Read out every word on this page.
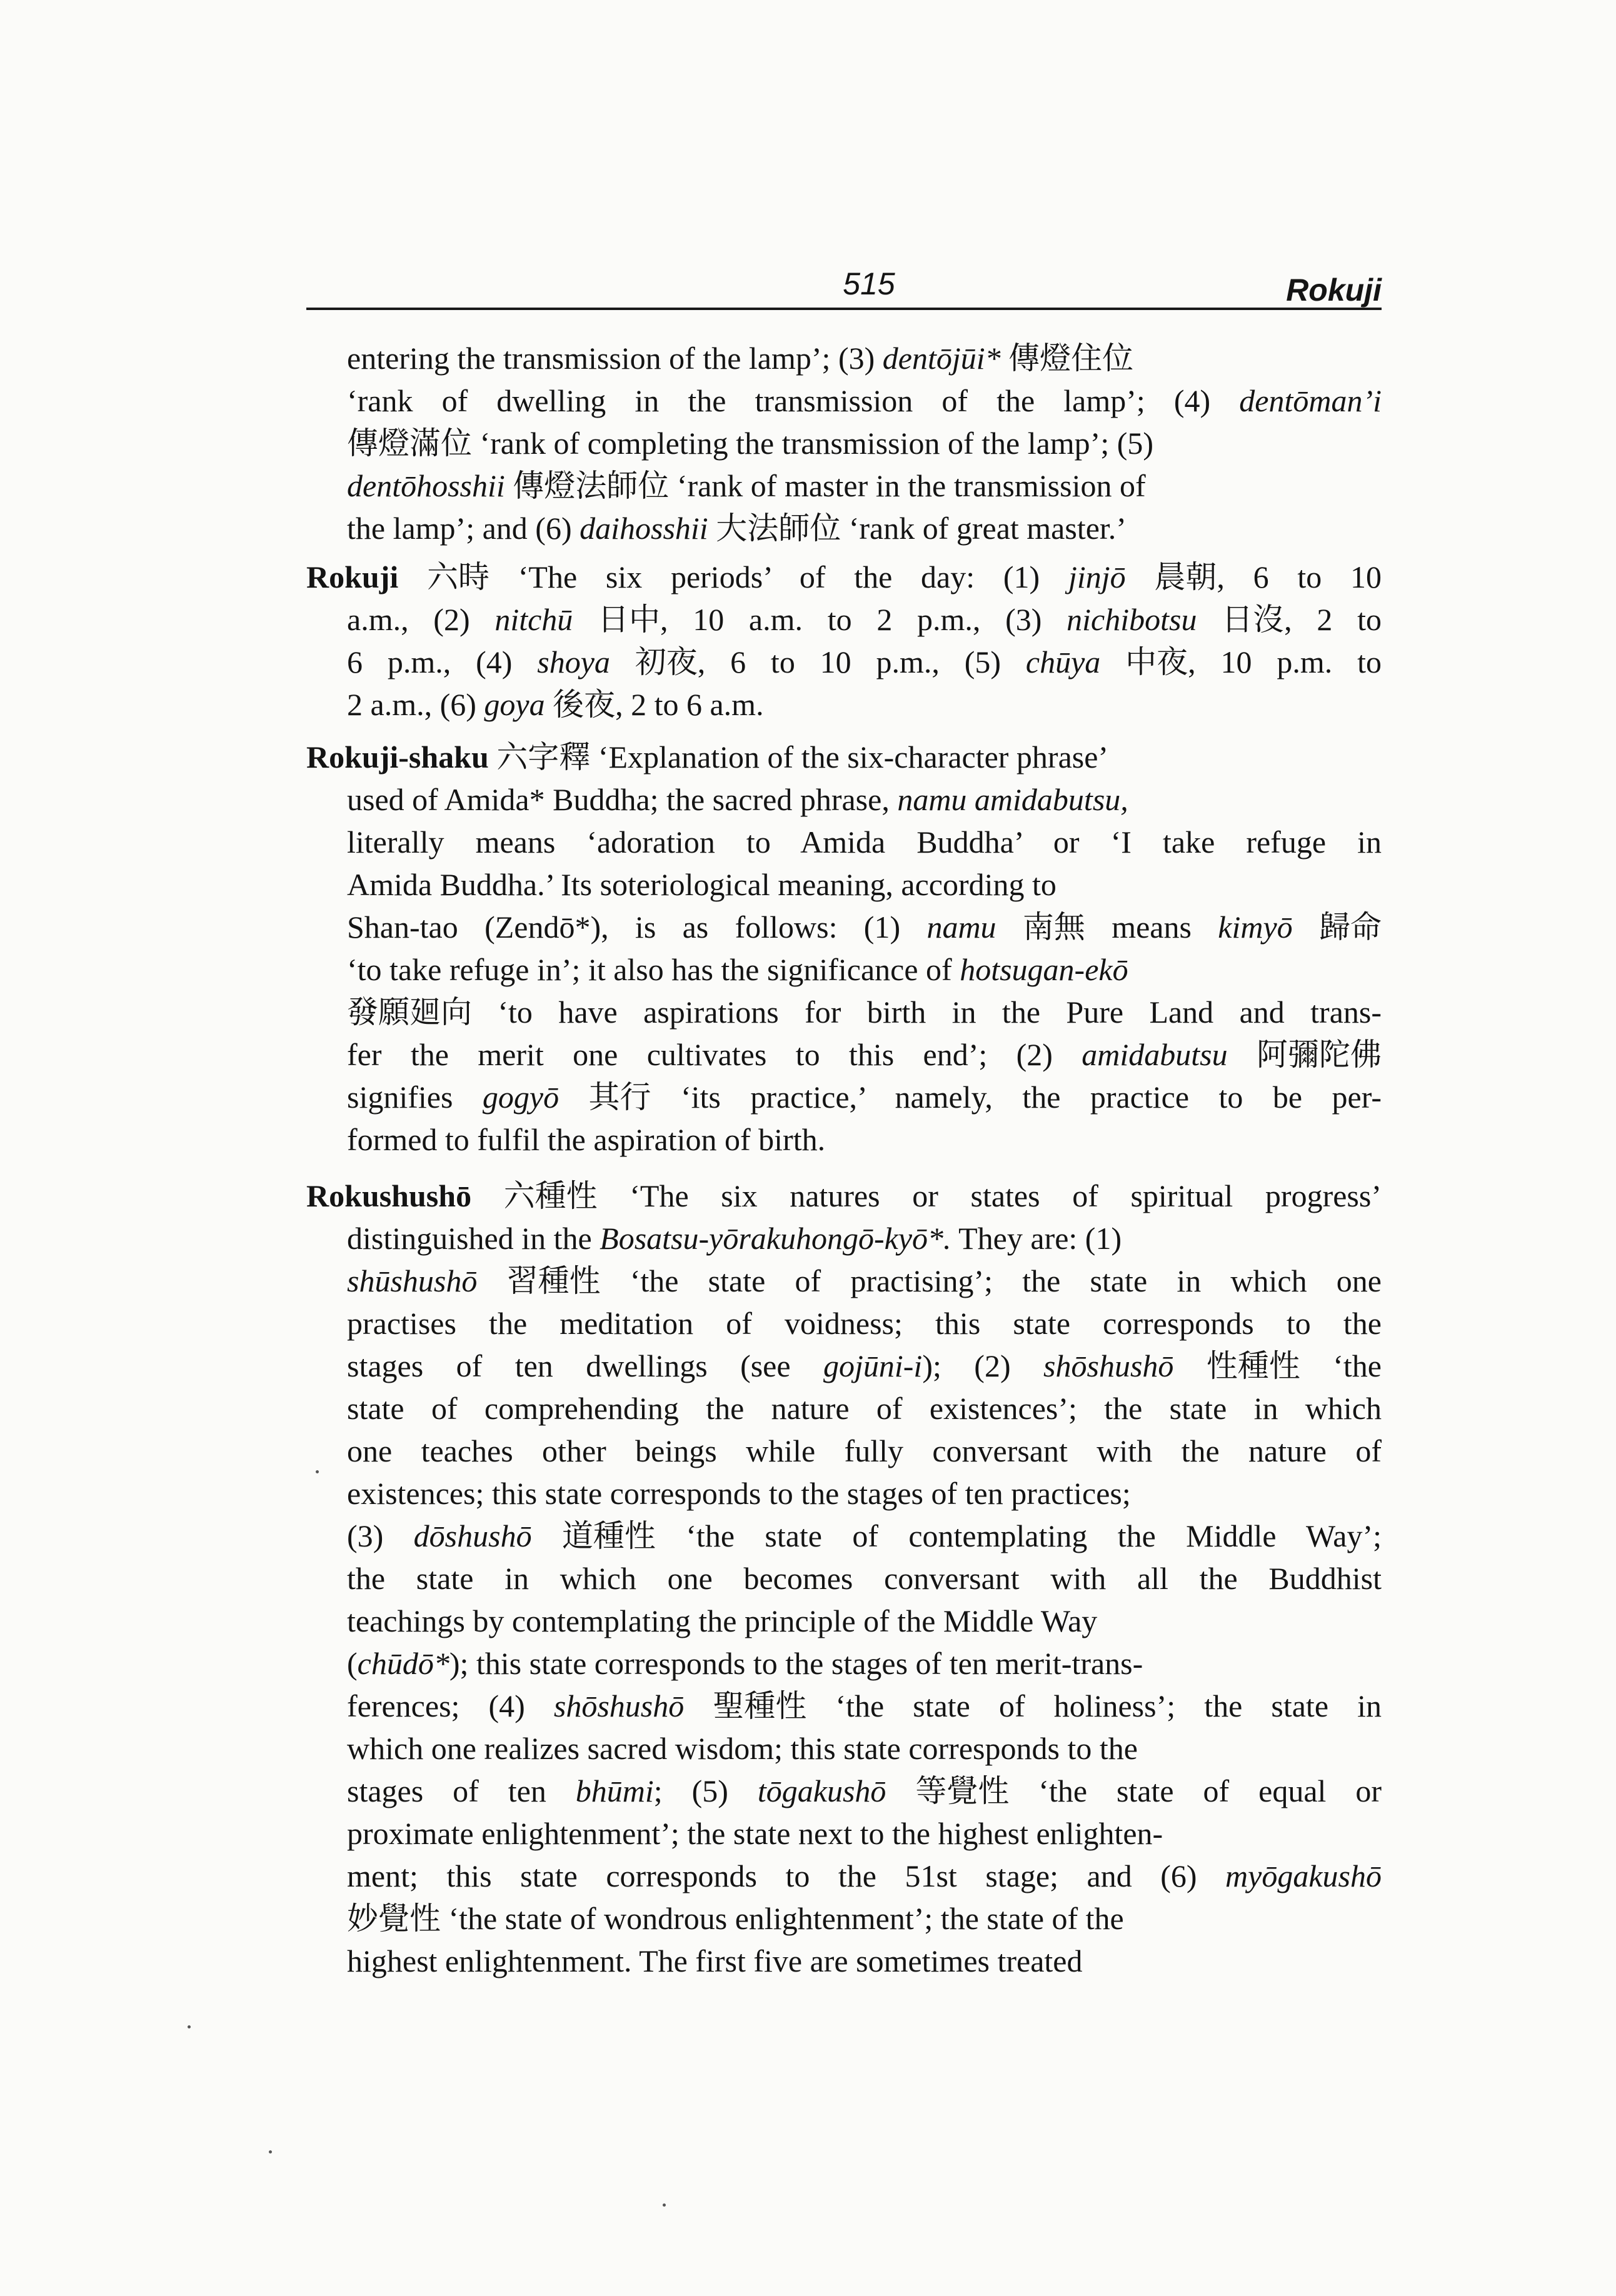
515	Rokuji
entering the transmission of the lamp’; (3) dentōjūi* 傳燈住位
‘rank of dwelling in the transmission of the lamp’; (4) dentōman’i
傳燈滿位 ‘rank of completing the transmission of the lamp’; (5)
dentōhosshii 傳燈法師位 ‘rank of master in the transmission of
the lamp’; and (6) daihosshii 大法師位 ‘rank of great master.’
Rokuji 六時 ‘The six periods’ of the day: (1) jinjō 晨朝, 6 to 10
a.m., (2) nitchū 日中, 10 a.m. to 2 p.m., (3) nichibotsu 日沒, 2 to
6 p.m., (4) shoya 初夜, 6 to 10 p.m., (5) chūya 中夜, 10 p.m. to
2 a.m., (6) goya 後夜, 2 to 6 a.m.
Rokuji-shaku 六字釋 ‘Explanation of the six-character phrase’
used of Amida* Buddha; the sacred phrase, namu amidabutsu,
literally means ‘adoration to Amida Buddha’ or ‘I take refuge in
Amida Buddha.’ Its soteriological meaning, according to
Shan-tao (Zendō*), is as follows: (1) namu 南無 means kimyō 歸命
‘to take refuge in’; it also has the significance of hotsugan-ekō
發願廻向 ‘to have aspirations for birth in the Pure Land and trans-
fer the merit one cultivates to this end’; (2) amidabutsu 阿彌陀佛
signifies gogyō 其行 ‘its practice,’ namely, the practice to be per-
formed to fulfil the aspiration of birth.
Rokushushō 六種性 ‘The six natures or states of spiritual progress’
distinguished in the Bosatsu-yōrakuhongō-kyō*. They are: (1)
shūshushō 習種性 ‘the state of practising’; the state in which one
practises the meditation of voidness; this state corresponds to the
stages of ten dwellings (see gojūni-i); (2) shōshushō 性種性 ‘the
state of comprehending the nature of existences’; the state in which
one teaches other beings while fully conversant with the nature of
existences; this state corresponds to the stages of ten practices;
(3) dōshushō 道種性 ‘the state of contemplating the Middle Way’;
the state in which one becomes conversant with all the Buddhist
teachings by contemplating the principle of the Middle Way
(chūdō*); this state corresponds to the stages of ten merit-trans-
ferences; (4) shōshushō 聖種性 ‘the state of holiness’; the state in
which one realizes sacred wisdom; this state corresponds to the
stages of ten bhūmi; (5) tōgakushō 等覺性 ‘the state of equal or
proximate enlightenment’; the state next to the highest enlighten-
ment; this state corresponds to the 51st stage; and (6) myōgakushō
妙覺性 ‘the state of wondrous enlightenment’; the state of the
highest enlightenment. The first five are sometimes treated
